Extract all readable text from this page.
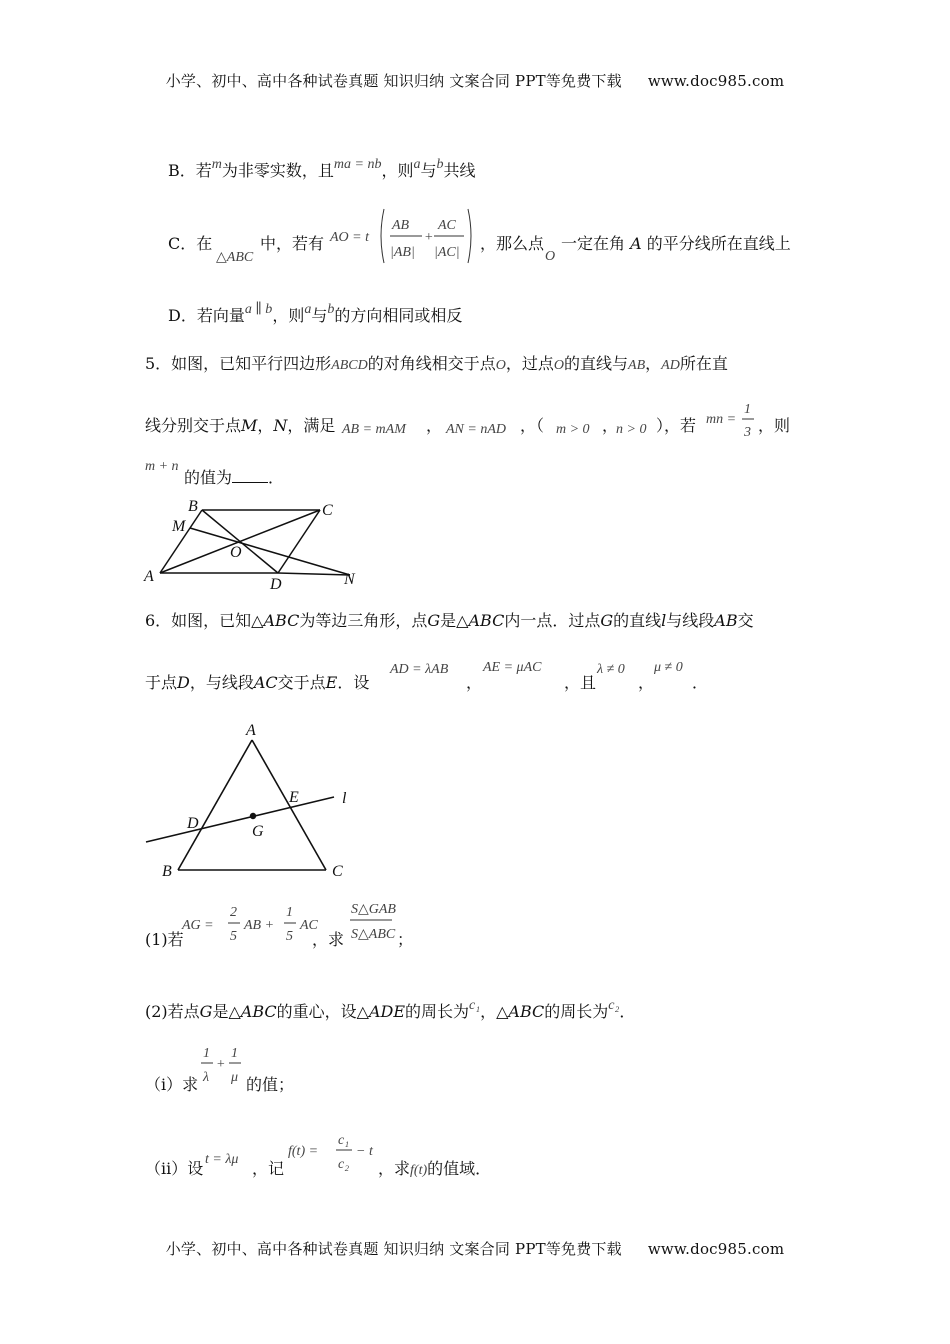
小学、初中、高中各种试卷真题 知识归纳 文案合同 PPT等免费下载 www.doc985.com
B．若m为非零实数，且ma = nb，则a与b共线
C．在
△ABC
中，若有 AO = t
AB
|AB|
+
AC
|AC| ，那么点
O
一定在角 A 的平分线所在直线上
D．若向量a ∥ b，则a与b的方向相同或相反
5．如图，已知平行四边形ABCD的对角线相交于点O，过点O的直线与AB，AD所在直
线分别交于点M，N，满足 AB = mAM ， AN = nAD ，（ m > 0 ，
n > 0 ），若 mn =
1
3 ，则
m + n
的值为 ．
B	C
M
O
A	D	N
6．如图，已知△ABC为等边三角形，点G是△ABC内一点．过点G的直线l与线段AB交
于点D，与线段AC交于点E．设
AD = λAB
，
AE = μAC
，且
λ ≠ 0
，
μ ≠ 0
．
A
B	C
D
E
G
l
(1)若
AG =
2
5
AB +
1
5
AC
，求
S△GAB
S△ABC ；
(2)若点G是△ABC的重心，设△ADE的周长为c₁，△ABC的周长为c₂．
（i）求
1
λ
+
1
μ 的值；
（ii）设 t = λμ ，记
f(t) =
c₁
c₂
− t
，求f(t)的值域．
小学、初中、高中各种试卷真题 知识归纳 文案合同 PPT等免费下载 www.doc985.com
